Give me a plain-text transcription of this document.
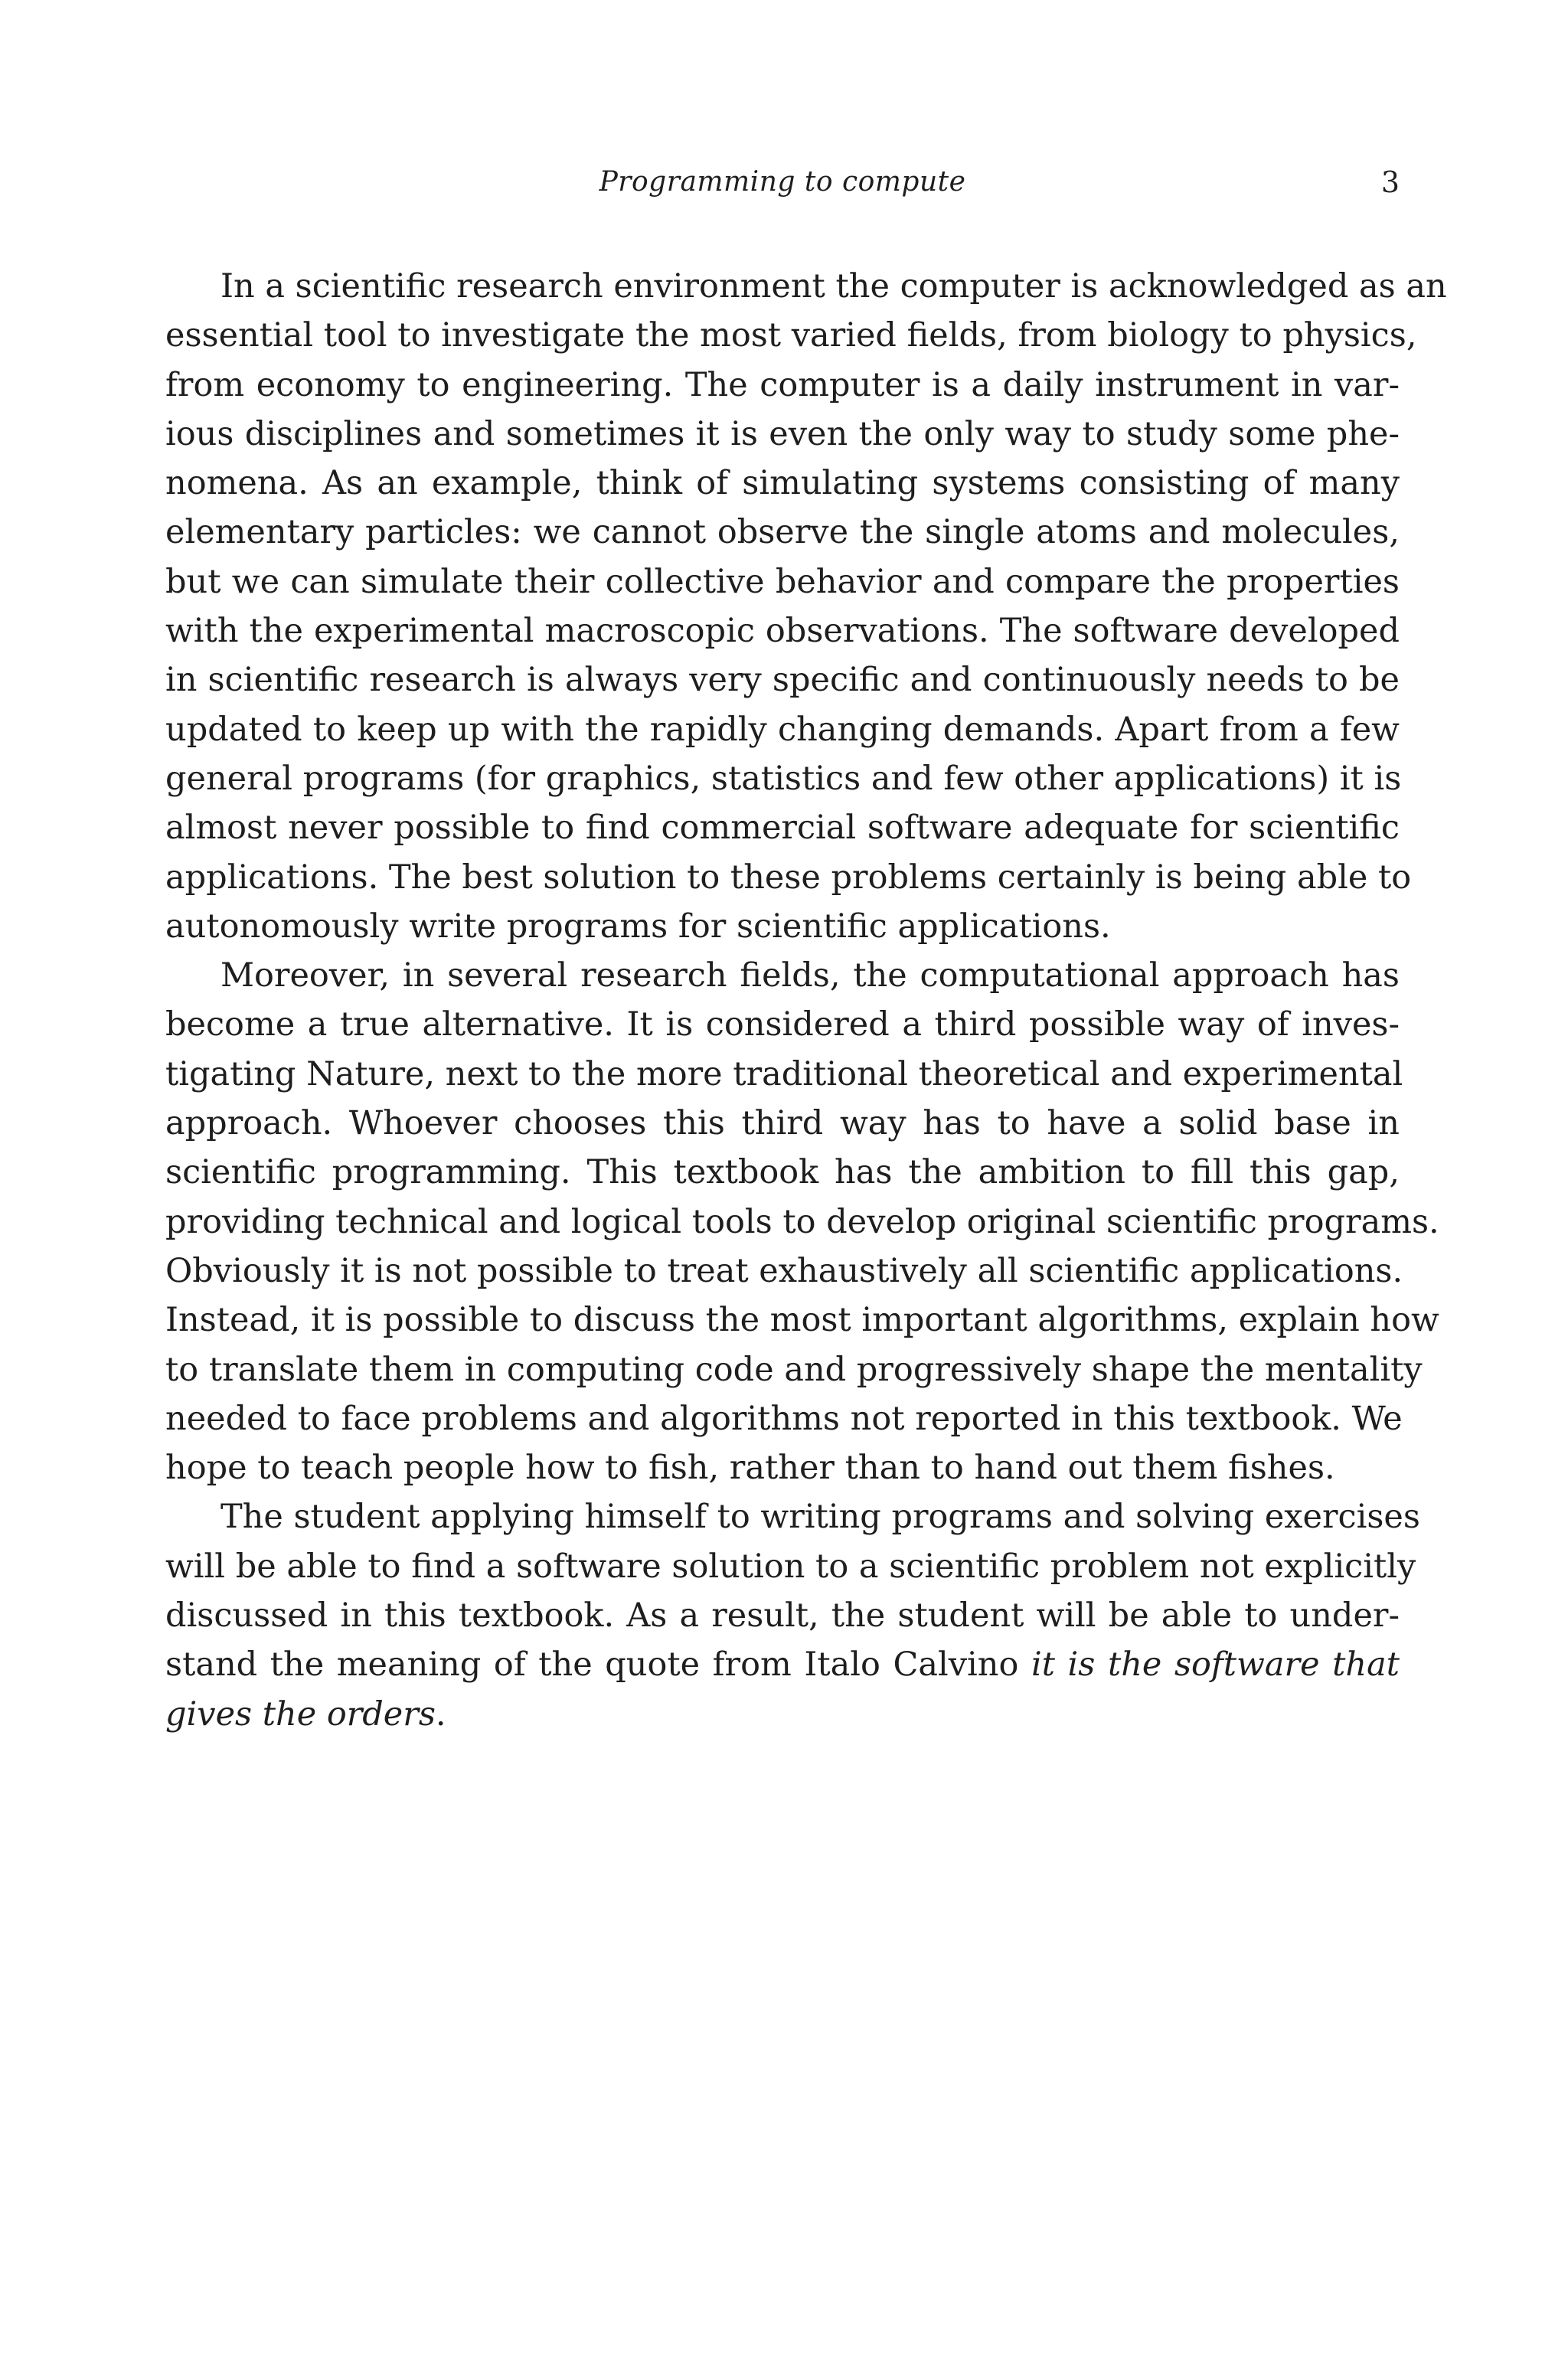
Programming to compute	3
In a scientific research environment the computer is acknowledged as an
essential tool to investigate the most varied fields, from biology to physics,
from economy to engineering. The computer is a daily instrument in var-
ious disciplines and sometimes it is even the only way to study some phe-
nomena. As an example, think of simulating systems consisting of many
elementary particles: we cannot observe the single atoms and molecules,
but we can simulate their collective behavior and compare the properties
with the experimental macroscopic observations. The software developed
in scientific research is always very specific and continuously needs to be
updated to keep up with the rapidly changing demands. Apart from a few
general programs (for graphics, statistics and few other applications) it is
almost never possible to find commercial software adequate for scientific
applications. The best solution to these problems certainly is being able to
autonomously write programs for scientific applications.
Moreover, in several research fields, the computational approach has
become a true alternative. It is considered a third possible way of inves-
tigating Nature, next to the more traditional theoretical and experimental
approach. Whoever chooses this third way has to have a solid base in
scientific programming. This textbook has the ambition to fill this gap,
providing technical and logical tools to develop original scientific programs.
Obviously it is not possible to treat exhaustively all scientific applications.
Instead, it is possible to discuss the most important algorithms, explain how
to translate them in computing code and progressively shape the mentality
needed to face problems and algorithms not reported in this textbook. We
hope to teach people how to fish, rather than to hand out them fishes.
The student applying himself to writing programs and solving exercises
will be able to find a software solution to a scientific problem not explicitly
discussed in this textbook. As a result, the student will be able to under-
stand the meaning of the quote from Italo Calvino it is the software that
gives the orders.
